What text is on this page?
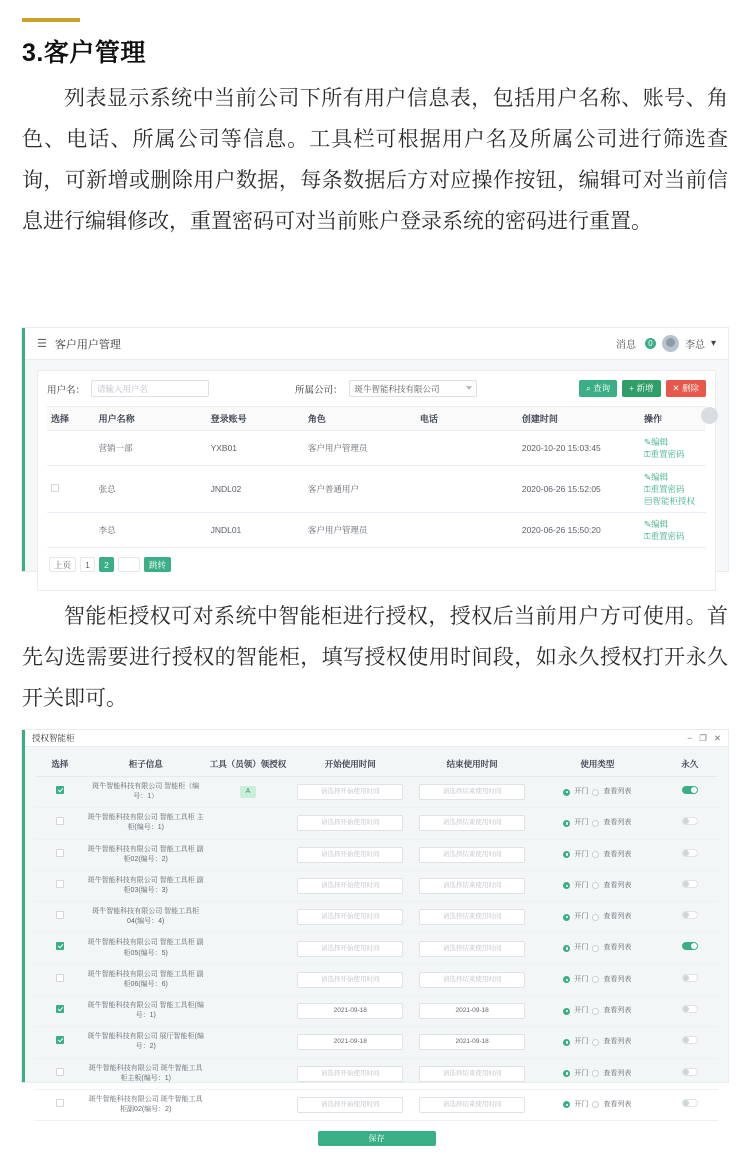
3.客户管理
列表显示系统中当前公司下所有用户信息表，包括用户名称、账号、角色、电话、所属公司等信息。工具栏可根据用户名及所属公司进行筛选查询，可新增或删除用户数据，每条数据后方对应操作按钮，编辑可对当前信息进行编辑修改，重置密码可对当前账户登录系统的密码进行重置。
☰ 客户用户管理	消息	0	李总 ▾
用户名：	请输入用户名	所属公司：	斑牛智能科技有限公司	⌕ 查询	+ 新增	✕ 删除
选择	用户名称	登录账号	角色	电话	创建时间	操作
	营销一部	YXB01	客户用户管理员		2020-10-20 15:03:45	✎编辑 ⚿重置密码
	张总	JNDL02	客户普通用户		2020-06-26 15:52:05	✎编辑 ⚿重置密码 ▤智能柜授权
	李总	JNDL01	客户用户管理员		2020-06-26 15:50:20	✎编辑 ⚿重置密码
上页	1	2	跳转
智能柜授权可对系统中智能柜进行授权，授权后当前用户方可使用。首先勾选需要进行授权的智能柜，填写授权使用时间段，如永久授权打开永久开关即可。
授权智能柜	− ❐ ✕
选择	柜子信息	工具（员领）领授权	开始使用时间	结束使用时间	使用类型	永久
	斑牛智能科技有限公司 智能柜（编号：1）	A	请选择开始使用时间	请选择结束使用时间	开门 查看列表	

	斑牛智能科技有限公司 智能工具柜 主柜(编号：1)		请选择开始使用时间	请选择结束使用时间	开门 查看列表	

	斑牛智能科技有限公司 智能工具柜 副柜02(编号：2)		请选择开始使用时间	请选择结束使用时间	开门 查看列表	

	斑牛智能科技有限公司 智能工具柜 副柜03(编号：3)		请选择开始使用时间	请选择结束使用时间	开门 查看列表	

	斑牛智能科技有限公司 智能工具柜04(编号：4)		请选择开始使用时间	请选择结束使用时间	开门 查看列表	

	斑牛智能科技有限公司 智能工具柜 副柜05(编号：5)		请选择开始使用时间	请选择结束使用时间	开门 查看列表	

	斑牛智能科技有限公司 智能工具柜 副柜06(编号：6)		请选择开始使用时间	请选择结束使用时间	开门 查看列表	

	斑牛智能科技有限公司 智能工具柜(编号：1)		2021-09-18	2021-09-18	开门 查看列表	

	斑牛智能科技有限公司 展厅智能柜(编号：2)		2021-09-18	2021-09-18	开门 查看列表	

	斑牛智能科技有限公司 斑牛智能工具柜主板(编号：1)		请选择开始使用时间	请选择结束使用时间	开门 查看列表	

	斑牛智能科技有限公司 斑牛智能工具柜副02(编号：2)		请选择开始使用时间	请选择结束使用时间	开门 查看列表	

保存
